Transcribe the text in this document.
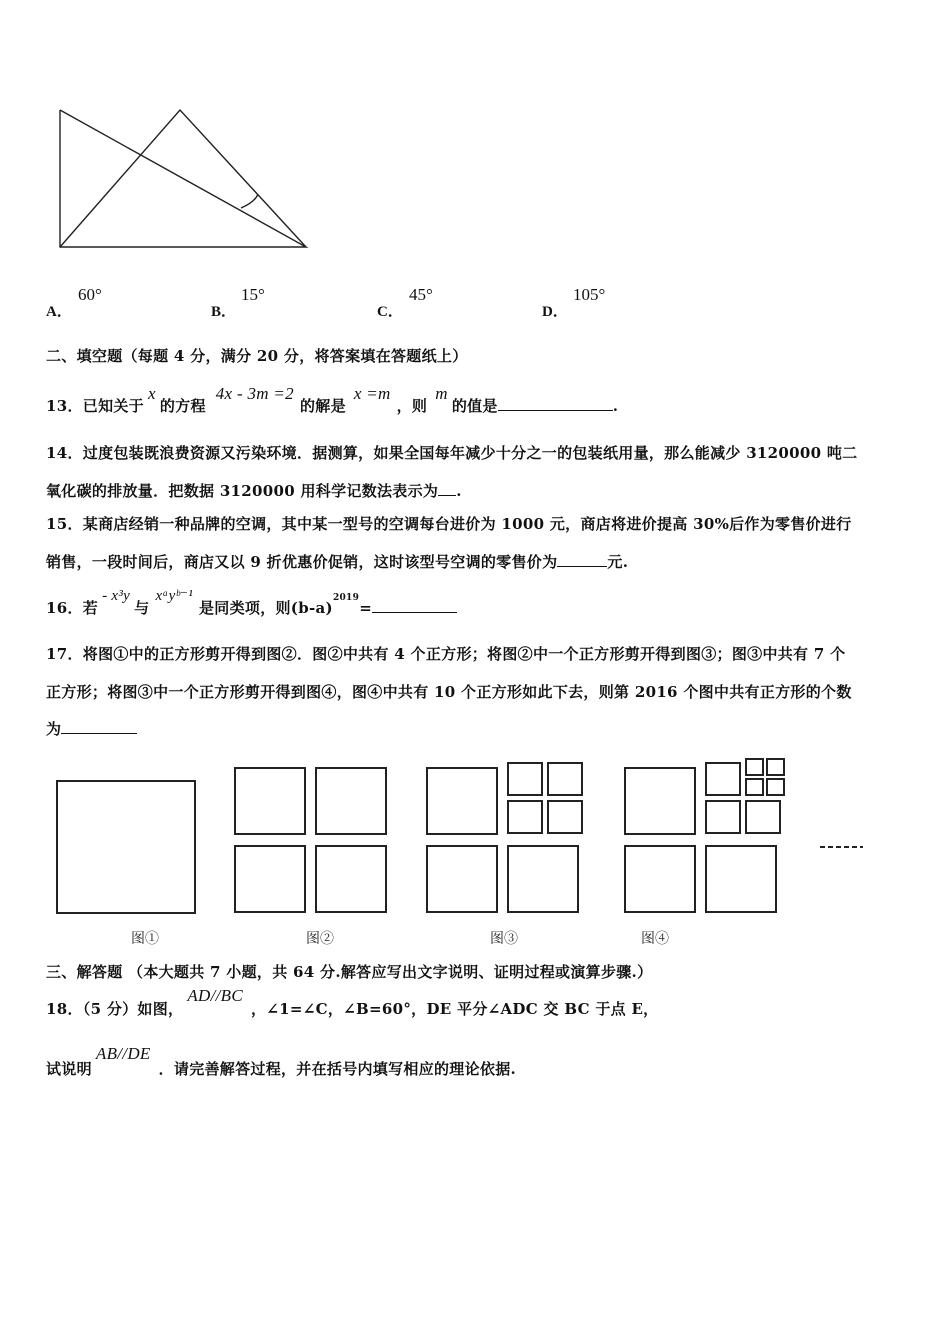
A．
60°
B．
15°
C．
45°
D．
105°
二、填空题（每题 4 分，满分 20 分，将答案填在答题纸上）
13．已知关于x的方程4x - 3m =2的解是x =m，则m的值是	.
14．过度包装既浪费资源又污染环境．据测算，如果全国每年减少十分之一的包装纸用量，那么能减少 3120000 吨二
氧化碳的排放量．把数据 3120000 用科学记数法表示为 .
15．某商店经销一种品牌的空调，其中某一型号的空调每台进价为 1000 元，商店将进价提高 30%后作为零售价进行
销售，一段时间后，商店又以 9 折优惠价促销，这时该型号空调的零售价为	元.
16．若- x³y与xᵃyᵇ⁻¹是同类项，则(b-a)2019=
17．将图①中的正方形剪开得到图②．图②中共有 4 个正方形；将图②中一个正方形剪开得到图③；图③中共有 7 个
正方形；将图③中一个正方形剪开得到图④，图④中共有 10 个正方形如此下去，则第 2016 个图中共有正方形的个数
为
图①	图②	图③	图④
三、解答题 （本大题共 7 小题，共 64 分.解答应写出文字说明、证明过程或演算步骤.）
18．（5 分）如图，AD//BC，∠1=∠C，∠B=60°，DE 平分∠ADC 交 BC 于点 E，
试说明AB//DE．请完善解答过程，并在括号内填写相应的理论依据.
